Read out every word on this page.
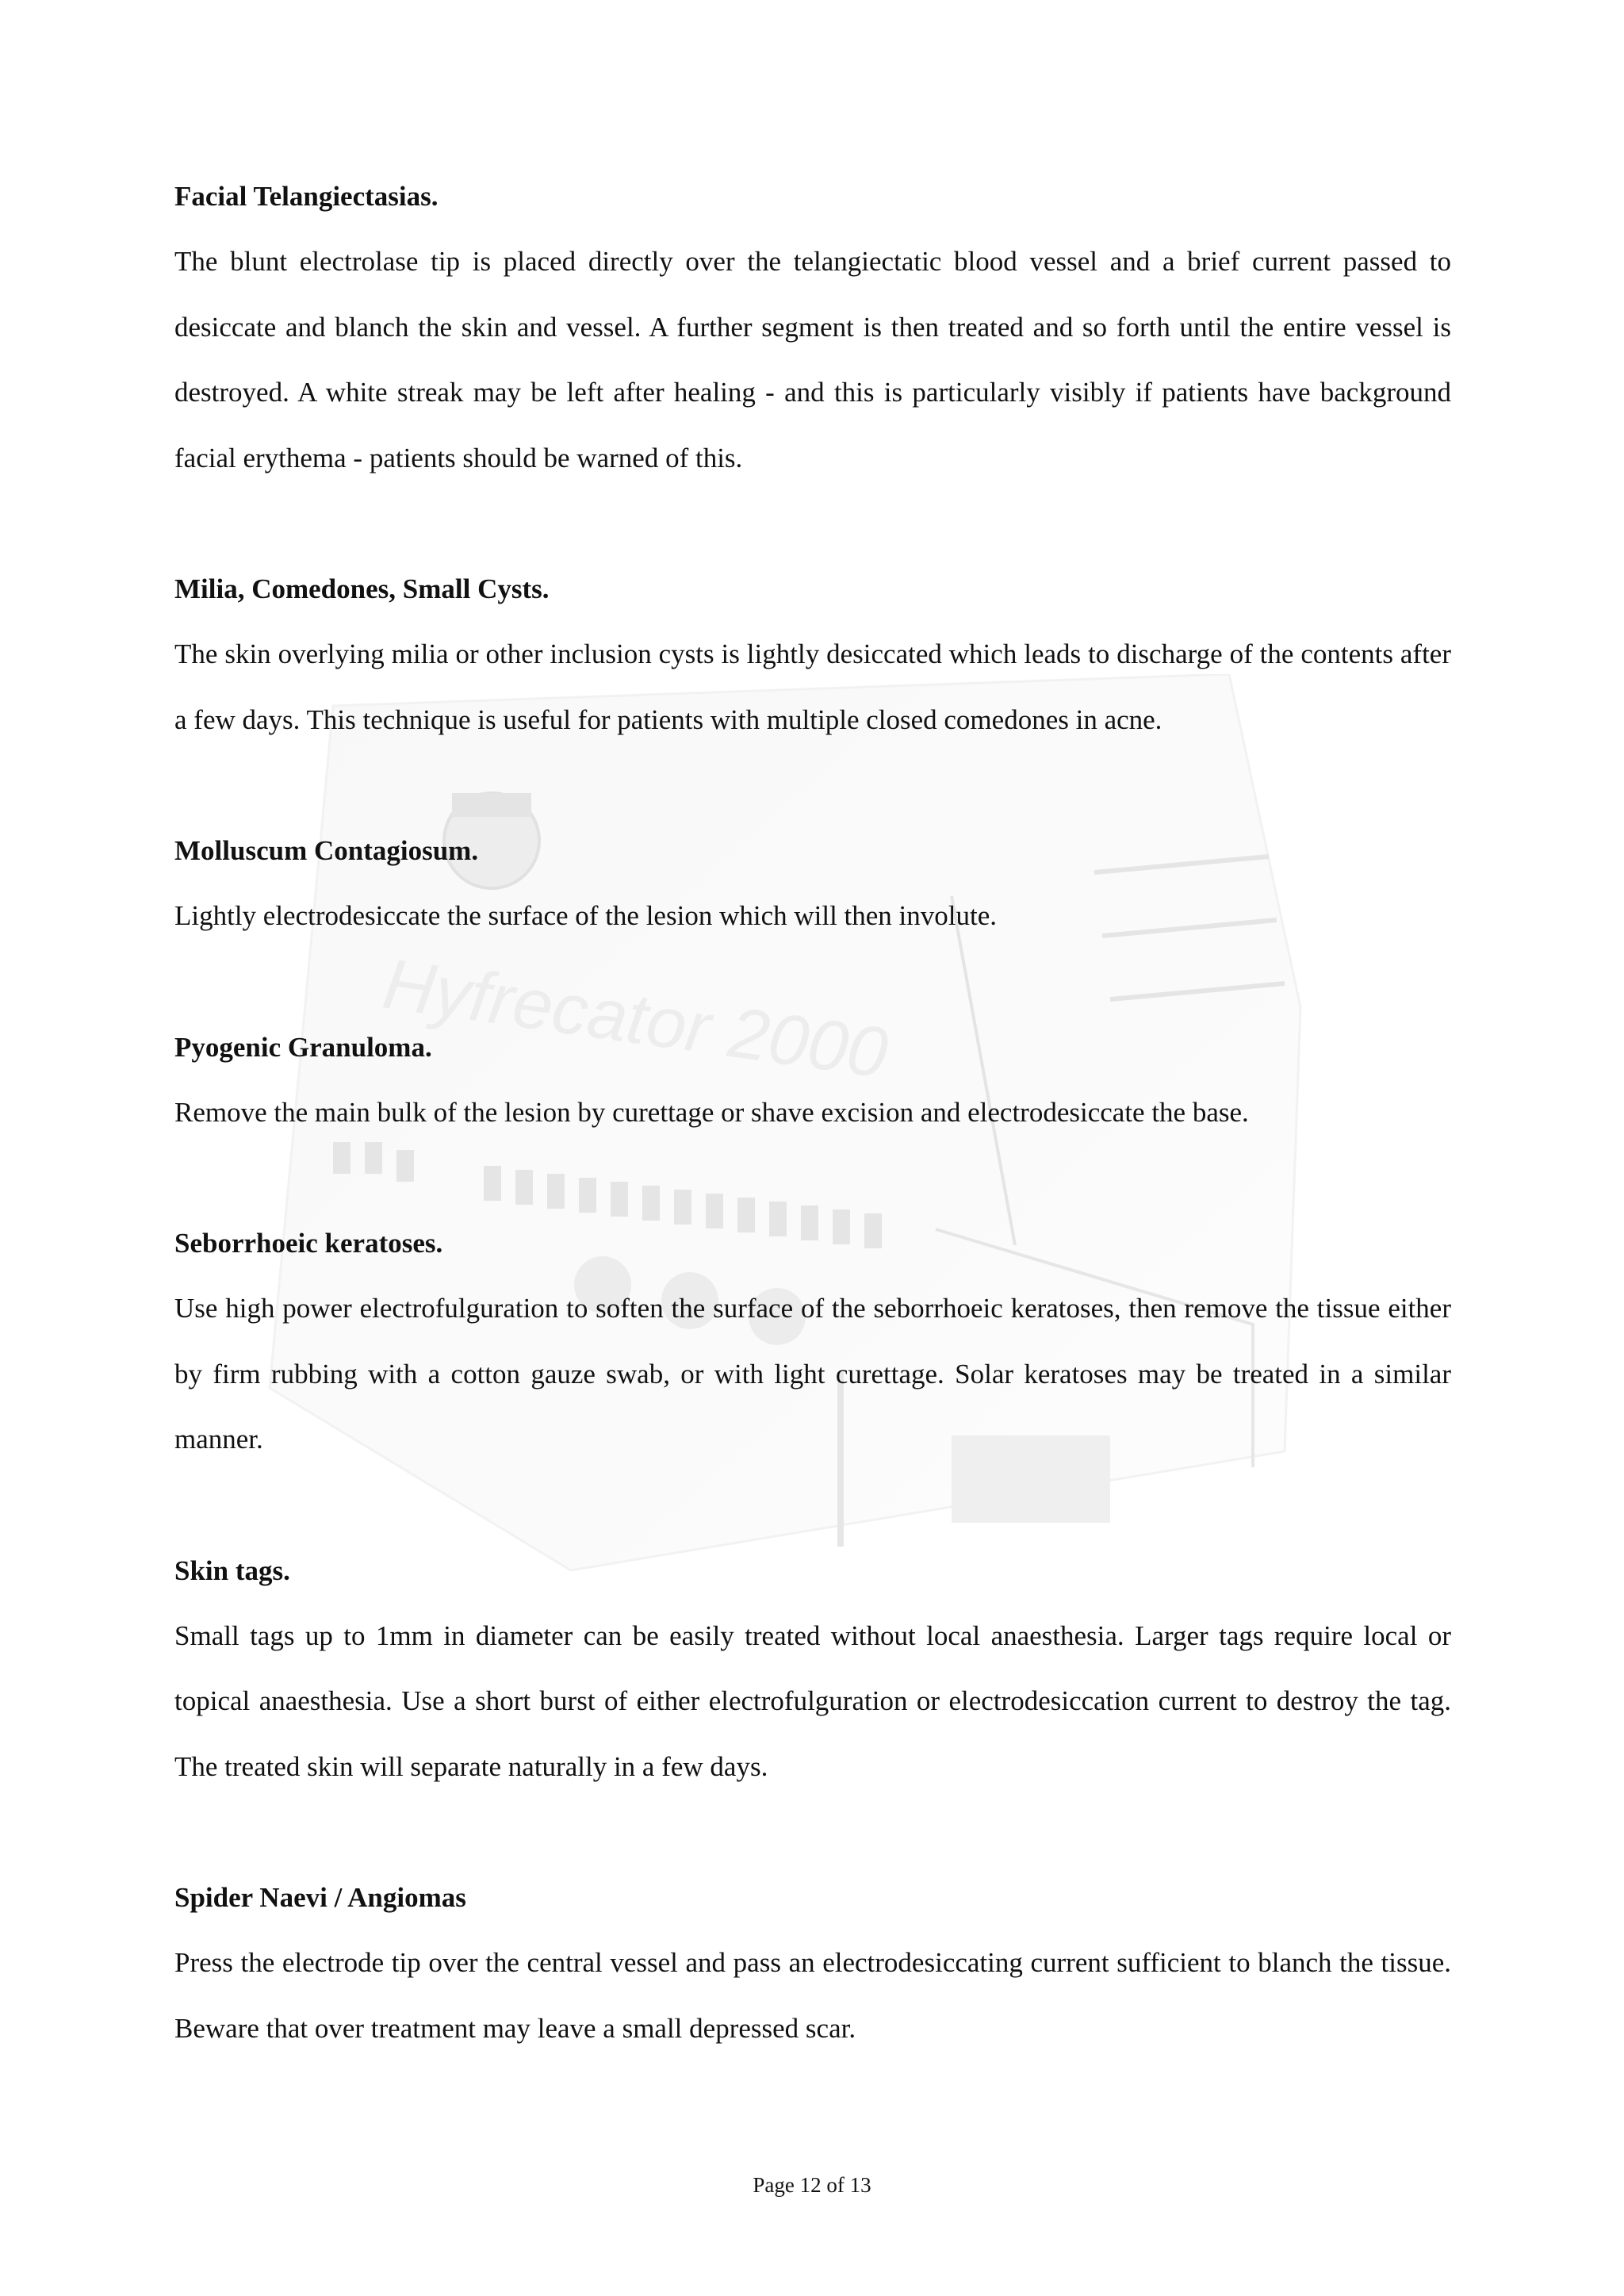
Hyfrecator 2000

Facial Telangiectasias.

The blunt electrolase tip is placed directly over the telangiectatic blood vessel and a brief current passed to desiccate and blanch the skin and vessel. A further segment is then treated and so forth until the entire vessel is destroyed. A white streak may be left after healing - and this is particularly visibly if patients have background facial erythema - patients should be warned of this.

Milia, Comedones, Small Cysts.

The skin overlying milia or other inclusion cysts is lightly desiccated which leads to discharge of the contents after a few days. This technique is useful for patients with multiple closed comedones in acne.

Molluscum Contagiosum.

Lightly electrodesiccate the surface of the lesion which will then involute.

Pyogenic Granuloma.

Remove the main bulk of the lesion by curettage or shave excision and electrodesiccate the base.

Seborrhoeic keratoses.

Use high power electrofulguration to soften the surface of the seborrhoeic keratoses, then remove the tissue either by firm rubbing with a cotton gauze swab, or with light curettage. Solar keratoses may be treated in a similar manner.

Skin tags.

Small tags up to 1mm in diameter can be easily treated without local anaesthesia. Larger tags require local or topical anaesthesia. Use a short burst of either electrofulguration or electrodesiccation current to destroy the tag. The treated skin will separate naturally in a few days.

Spider Naevi / Angiomas

Press the electrode tip over the central vessel and pass an electrodesiccating current sufficient to blanch the tissue. Beware that over treatment may leave a small depressed scar.

Page 12 of 13
